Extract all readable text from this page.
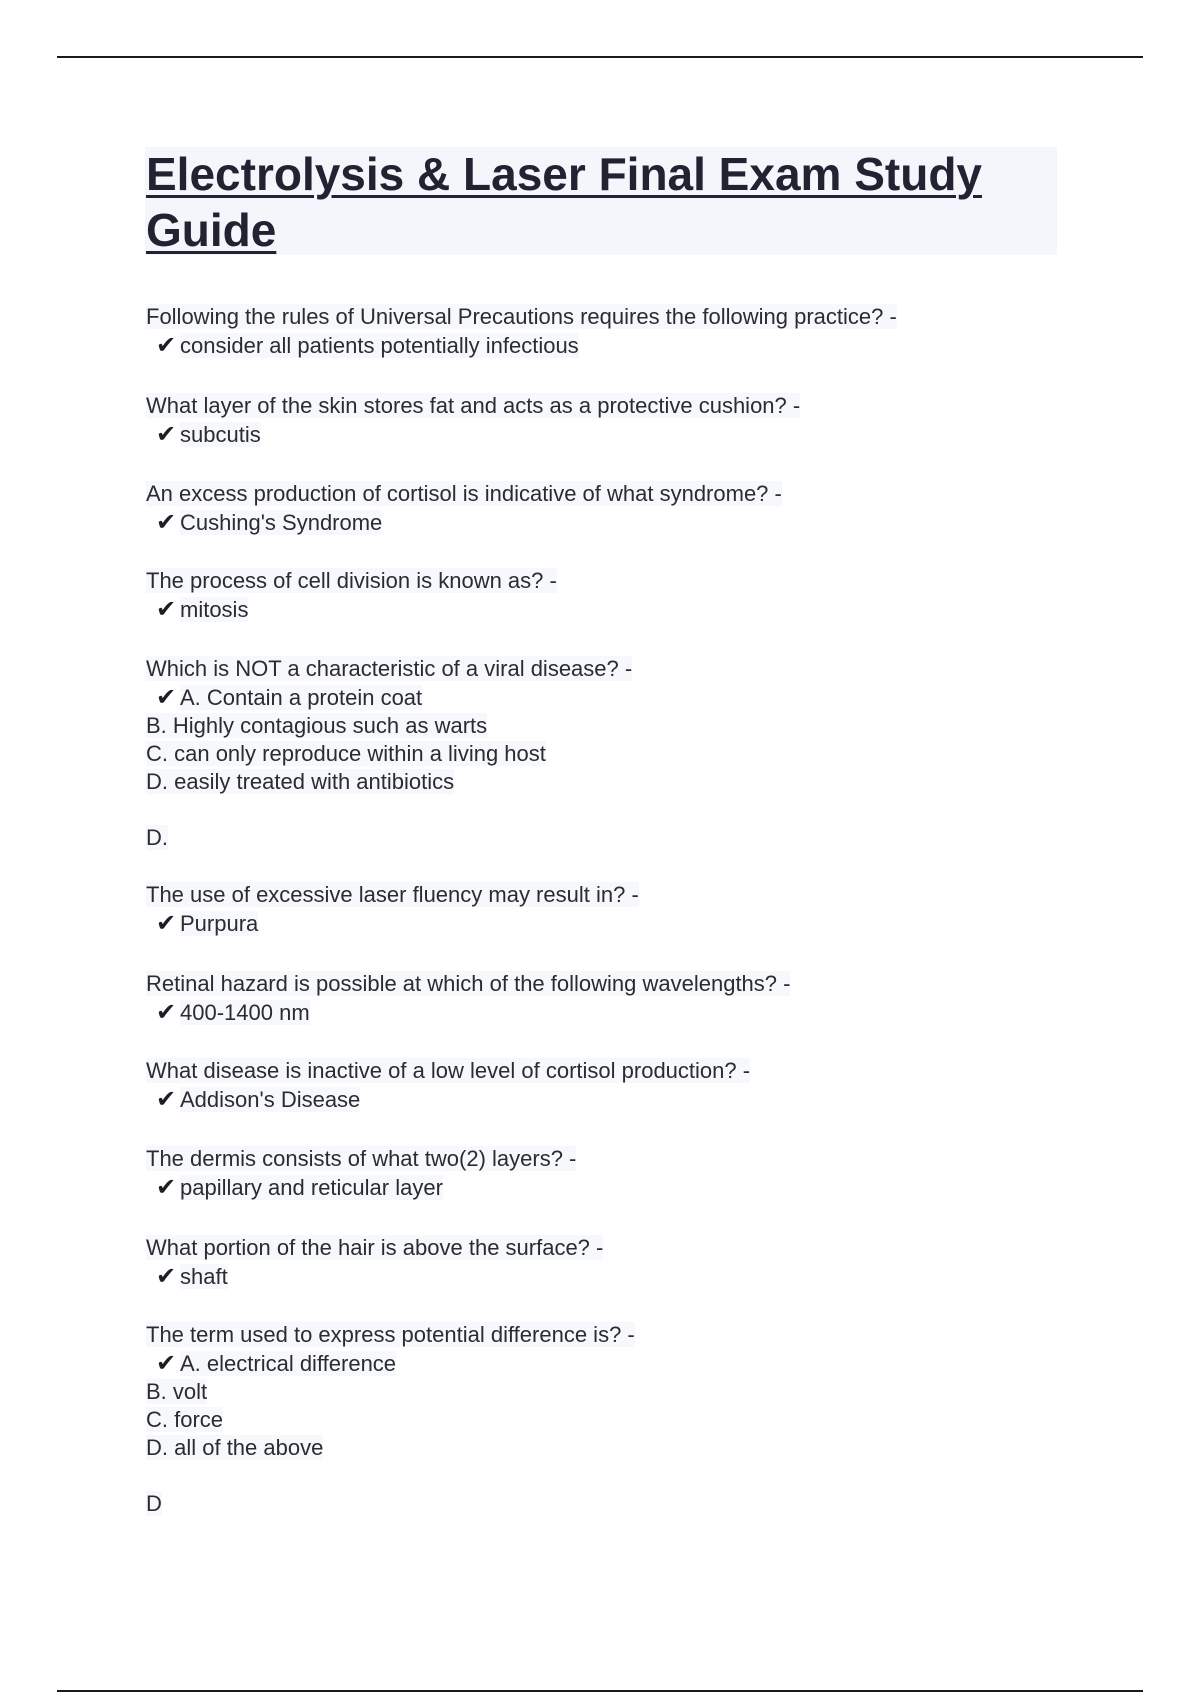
Electrolysis & Laser Final Exam Study Guide
Following the rules of Universal Precautions requires the following practice? -
✔ consider all patients potentially infectious
What layer of the skin stores fat and acts as a protective cushion? -
✔ subcutis
An excess production of cortisol is indicative of what syndrome? -
✔ Cushing's Syndrome
The process of cell division is known as? -
✔ mitosis
Which is NOT a characteristic of a viral disease? -
✔ A. Contain a protein coat
B. Highly contagious such as warts
C. can only reproduce within a living host
D. easily treated with antibiotics
D.
The use of excessive laser fluency may result in? -
✔ Purpura
Retinal hazard is possible at which of the following wavelengths? -
✔ 400-1400 nm
What disease is inactive of a low level of cortisol production? -
✔ Addison's Disease
The dermis consists of what two(2) layers? -
✔ papillary and reticular layer
What portion of the hair is above the surface? -
✔ shaft
The term used to express potential difference is? -
✔ A. electrical difference
B. volt
C. force
D. all of the above
D
